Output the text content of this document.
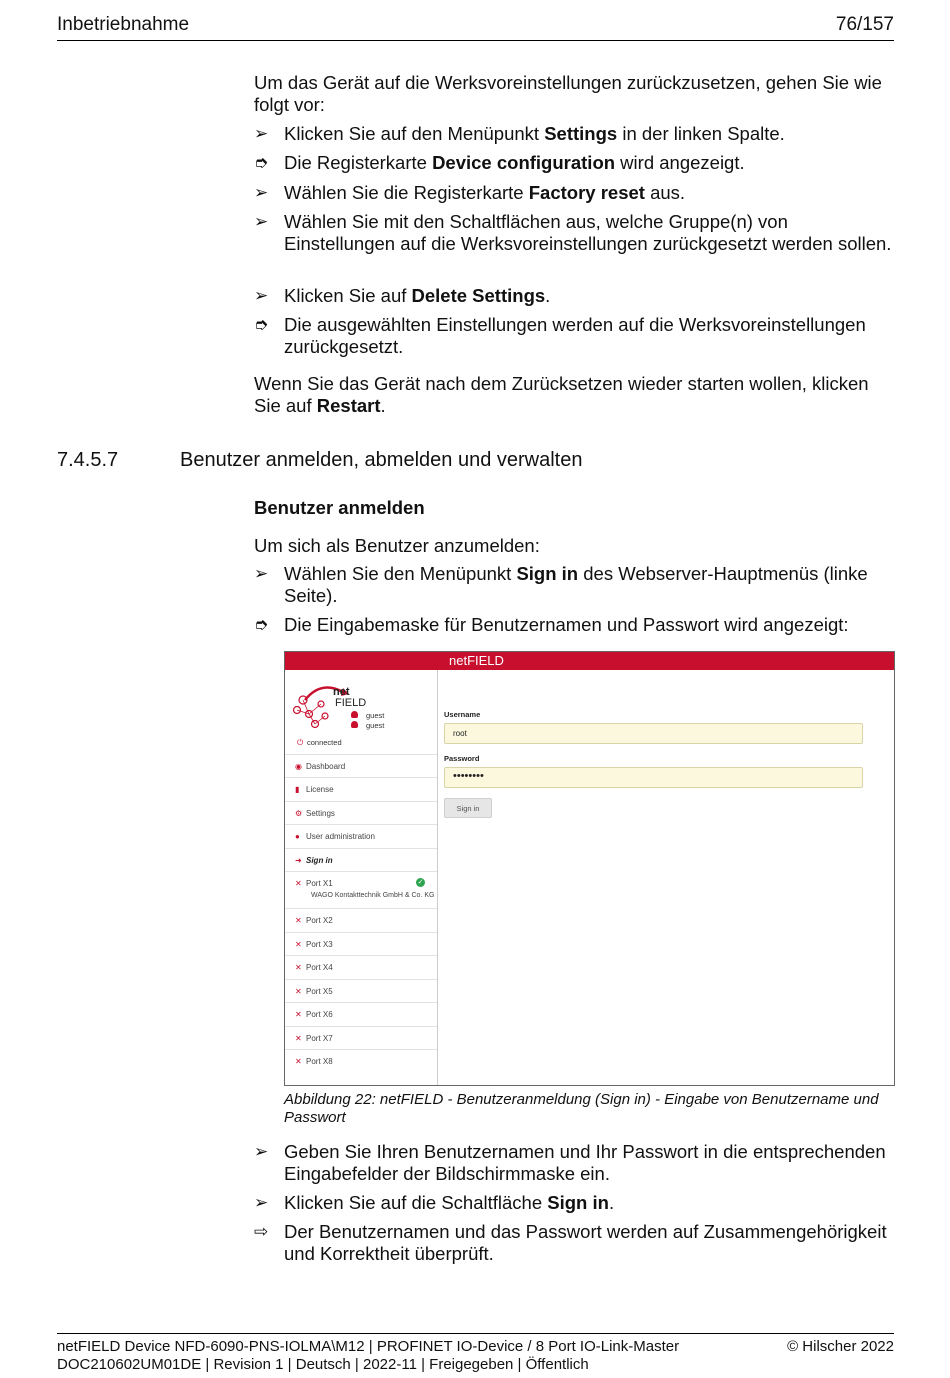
Inbetriebnahme	76/157
Um das Gerät auf die Werksvoreinstellungen zurückzusetzen, gehen Sie wie folgt vor:
➢ Klicken Sie auf den Menüpunkt Settings in der linken Spalte.
➮ Die Registerkarte Device configuration wird angezeigt.
➢ Wählen Sie die Registerkarte Factory reset aus.
➢ Wählen Sie mit den Schaltflächen aus, welche Gruppe(n) von Einstellungen auf die Werksvoreinstellungen zurückgesetzt werden sollen.
➢ Klicken Sie auf Delete Settings.
➮ Die ausgewählten Einstellungen werden auf die Werksvoreinstellungen zurückgesetzt.
Wenn Sie das Gerät nach dem Zurücksetzen wieder starten wollen, klicken Sie auf Restart.
7.4.5.7	Benutzer anmelden, abmelden und verwalten
Benutzer anmelden
Um sich als Benutzer anzumelden:
➢ Wählen Sie den Menüpunkt Sign in des Webserver-Hauptmenüs (linke Seite).
➮ Die Eingabemaske für Benutzernamen und Passwort wird angezeigt:
netFIELD
net
FIELD
guest
guest
⏻ connected
◉ Dashboard
▮ License
⚙ Settings
● User administration
➜ Sign in
✕ Port X1	✓
WAGO Kontakttechnik GmbH & Co. KG
✕ Port X2
✕ Port X3
✕ Port X4
✕ Port X5
✕ Port X6
✕ Port X7
✕ Port X8
Username
root
Password
••••••••
Sign in
Abbildung 22: netFIELD - Benutzeranmeldung (Sign in) - Eingabe von Benutzername und Passwort
➢ Geben Sie Ihren Benutzernamen und Ihr Passwort in die entsprechenden Eingabefelder der Bildschirmmaske ein.
➢ Klicken Sie auf die Schaltfläche Sign in.
⇨ Der Benutzernamen und das Passwort werden auf Zusammengehörigkeit und Korrektheit überprüft.
netFIELD Device NFD-6090-PNS-IOLMA\M12 | PROFINET IO-Device / 8 Port IO-Link-Master	© Hilscher 2022
DOC210602UM01DE | Revision 1 | Deutsch | 2022-11 | Freigegeben | Öffentlich
